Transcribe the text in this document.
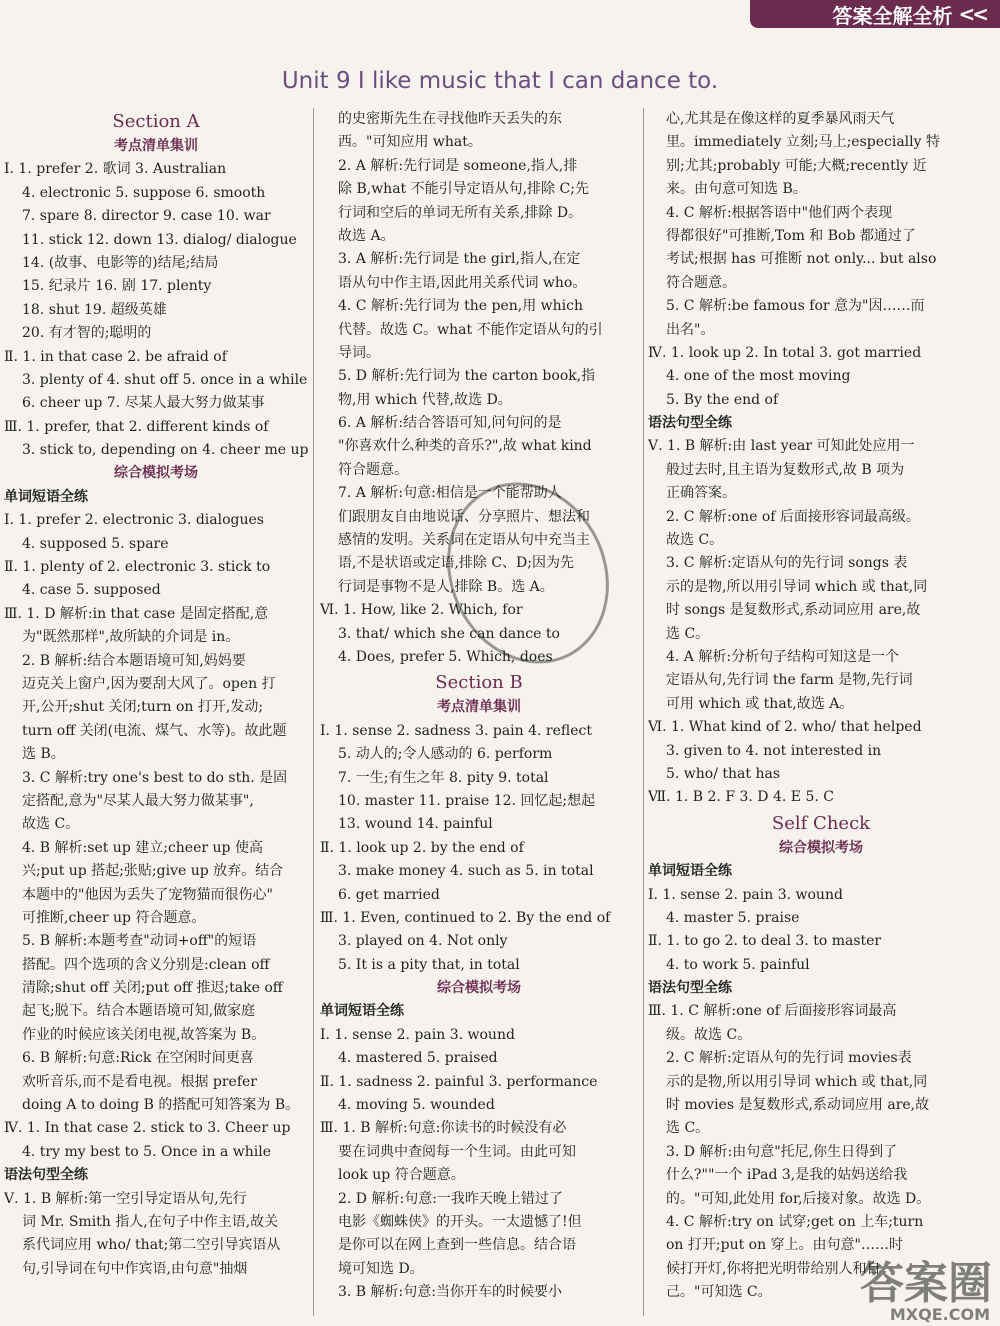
答案全解全析 <<
Unit 9 I like music that I can dance to.
Section A
考点清单集训
Ⅰ. 1. prefer 2. 歌词 3. Australian
4. electronic 5. suppose 6. smooth
7. spare 8. director 9. case 10. war
11. stick 12. down 13. dialog/ dialogue
14. (故事、电影等的)结尾;结局
15. 纪录片 16. 剧 17. plenty
18. shut 19. 超级英雄
20. 有才智的;聪明的
Ⅱ. 1. in that case 2. be afraid of
3. plenty of 4. shut off 5. once in a while
6. cheer up 7. 尽某人最大努力做某事
Ⅲ. 1. prefer, that 2. different kinds of
3. stick to, depending on 4. cheer me up
综合模拟考场
单词短语全练
Ⅰ. 1. prefer 2. electronic 3. dialogues
4. supposed 5. spare
Ⅱ. 1. plenty of 2. electronic 3. stick to
4. case 5. supposed
Ⅲ. 1. D 解析:in that case 是固定搭配,意
为"既然那样",故所缺的介词是 in。
2. B 解析:结合本题语境可知,妈妈要
迈克关上窗户,因为要刮大风了。open 打
开,公开;shut 关闭;turn on 打开,发动;
turn off 关闭(电流、煤气、水等)。故此题
选 B。
3. C 解析:try one's best to do sth. 是固
定搭配,意为"尽某人最大努力做某事",
故选 C。
4. B 解析:set up 建立;cheer up 使高
兴;put up 搭起;张贴;give up 放弃。结合
本题中的"他因为丢失了宠物猫而很伤心"
可推断,cheer up 符合题意。
5. B 解析:本题考查"动词+off"的短语
搭配。四个选项的含义分别是:clean off
清除;shut off 关闭;put off 推迟;take off
起飞;脱下。结合本题语境可知,做家庭
作业的时候应该关闭电视,故答案为 B。
6. B 解析:句意:Rick 在空闲时间更喜
欢听音乐,而不是看电视。根据 prefer
doing A to doing B 的搭配可知答案为 B。
Ⅳ. 1. In that case 2. stick to 3. Cheer up
4. try my best to 5. Once in a while
语法句型全练
Ⅴ. 1. B 解析:第一空引导定语从句,先行
词 Mr. Smith 指人,在句子中作主语,故关
系代词应用 who/ that;第二空引导宾语从
句,引导词在句中作宾语,由句意"抽烟
的史密斯先生在寻找他昨天丢失的东
西。"可知应用 what。
2. A 解析:先行词是 someone,指人,排
除 B,what 不能引导定语从句,排除 C;先
行词和空后的单词无所有关系,排除 D。
故选 A。
3. A 解析:先行词是 the girl,指人,在定
语从句中作主语,因此用关系代词 who。
4. C 解析:先行词为 the pen,用 which
代替。故选 C。what 不能作定语从句的引
导词。
5. D 解析:先行词为 the carton book,指
物,用 which 代替,故选 D。
6. A 解析:结合答语可知,问句问的是
"你喜欢什么种类的音乐?",故 what kind
符合题意。
7. A 解析:句意:相信是一个能帮助人
们跟朋友自由地说话、分享照片、想法和
感情的发明。关系词在定语从句中充当主
语,不是状语或定语,排除 C、D;因为先
行词是事物不是人,排除 B。选 A。
Ⅵ. 1. How, like 2. Which, for
3. that/ which she can dance to
4. Does, prefer 5. Which, does
Section B
考点清单集训
Ⅰ. 1. sense 2. sadness 3. pain 4. reflect
5. 动人的;令人感动的 6. perform
7. 一生;有生之年 8. pity 9. total
10. master 11. praise 12. 回忆起;想起
13. wound 14. painful
Ⅱ. 1. look up 2. by the end of
3. make money 4. such as 5. in total
6. get married
Ⅲ. 1. Even, continued to 2. By the end of
3. played on 4. Not only
5. It is a pity that, in total
综合模拟考场
单词短语全练
Ⅰ. 1. sense 2. pain 3. wound
4. mastered 5. praised
Ⅱ. 1. sadness 2. painful 3. performance
4. moving 5. wounded
Ⅲ. 1. B 解析:句意:你读书的时候没有必
要在词典中查阅每一个生词。由此可知
look up 符合题意。
2. D 解析:句意:一我昨天晚上错过了
电影《蜘蛛侠》的开头。一太遗憾了!但
是你可以在网上查到一些信息。结合语
境可知选 D。
3. B 解析:句意:当你开车的时候要小
心,尤其是在像这样的夏季暴风雨天气
里。immediately 立刻;马上;especially 特
别;尤其;probably 可能;大概;recently 近
来。由句意可知选 B。
4. C 解析:根据答语中"他们两个表现
得都很好"可推断,Tom 和 Bob 都通过了
考试;根据 has 可推断 not only... but also
符合题意。
5. C 解析:be famous for 意为"因……而
出名"。
Ⅳ. 1. look up 2. In total 3. got married
4. one of the most moving
5. By the end of
语法句型全练
Ⅴ. 1. B 解析:由 last year 可知此处应用一
般过去时,且主语为复数形式,故 B 项为
正确答案。
2. C 解析:one of 后面接形容词最高级。
故选 C。
3. C 解析:定语从句的先行词 songs 表
示的是物,所以用引导词 which 或 that,同
时 songs 是复数形式,系动词应用 are,故
选 C。
4. A 解析:分析句子结构可知这是一个
定语从句,先行词 the farm 是物,先行词
可用 which 或 that,故选 A。
Ⅵ. 1. What kind of 2. who/ that helped
3. given to 4. not interested in
5. who/ that has
Ⅶ. 1. B 2. F 3. D 4. E 5. C
Self Check
综合模拟考场
单词短语全练
Ⅰ. 1. sense 2. pain 3. wound
4. master 5. praise
Ⅱ. 1. to go 2. to deal 3. to master
4. to work 5. painful
语法句型全练
Ⅲ. 1. C 解析:one of 后面接形容词最高
级。故选 C。
2. C 解析:定语从句的先行词 movies表
示的是物,所以用引导词 which 或 that,同
时 movies 是复数形式,系动词应用 are,故
选 C。
3. D 解析:由句意"托尼,你生日得到了
什么?""一个 iPad 3,是我的姑妈送给我
的。"可知,此处用 for,后接对象。故选 D。
4. C 解析:try on 试穿;get on 上车;turn
on 打开;put on 穿上。由句意"……时
候打开灯,你将把光明带给别人和自
己。"可知选 C。	答案圈
MXQE.COM
